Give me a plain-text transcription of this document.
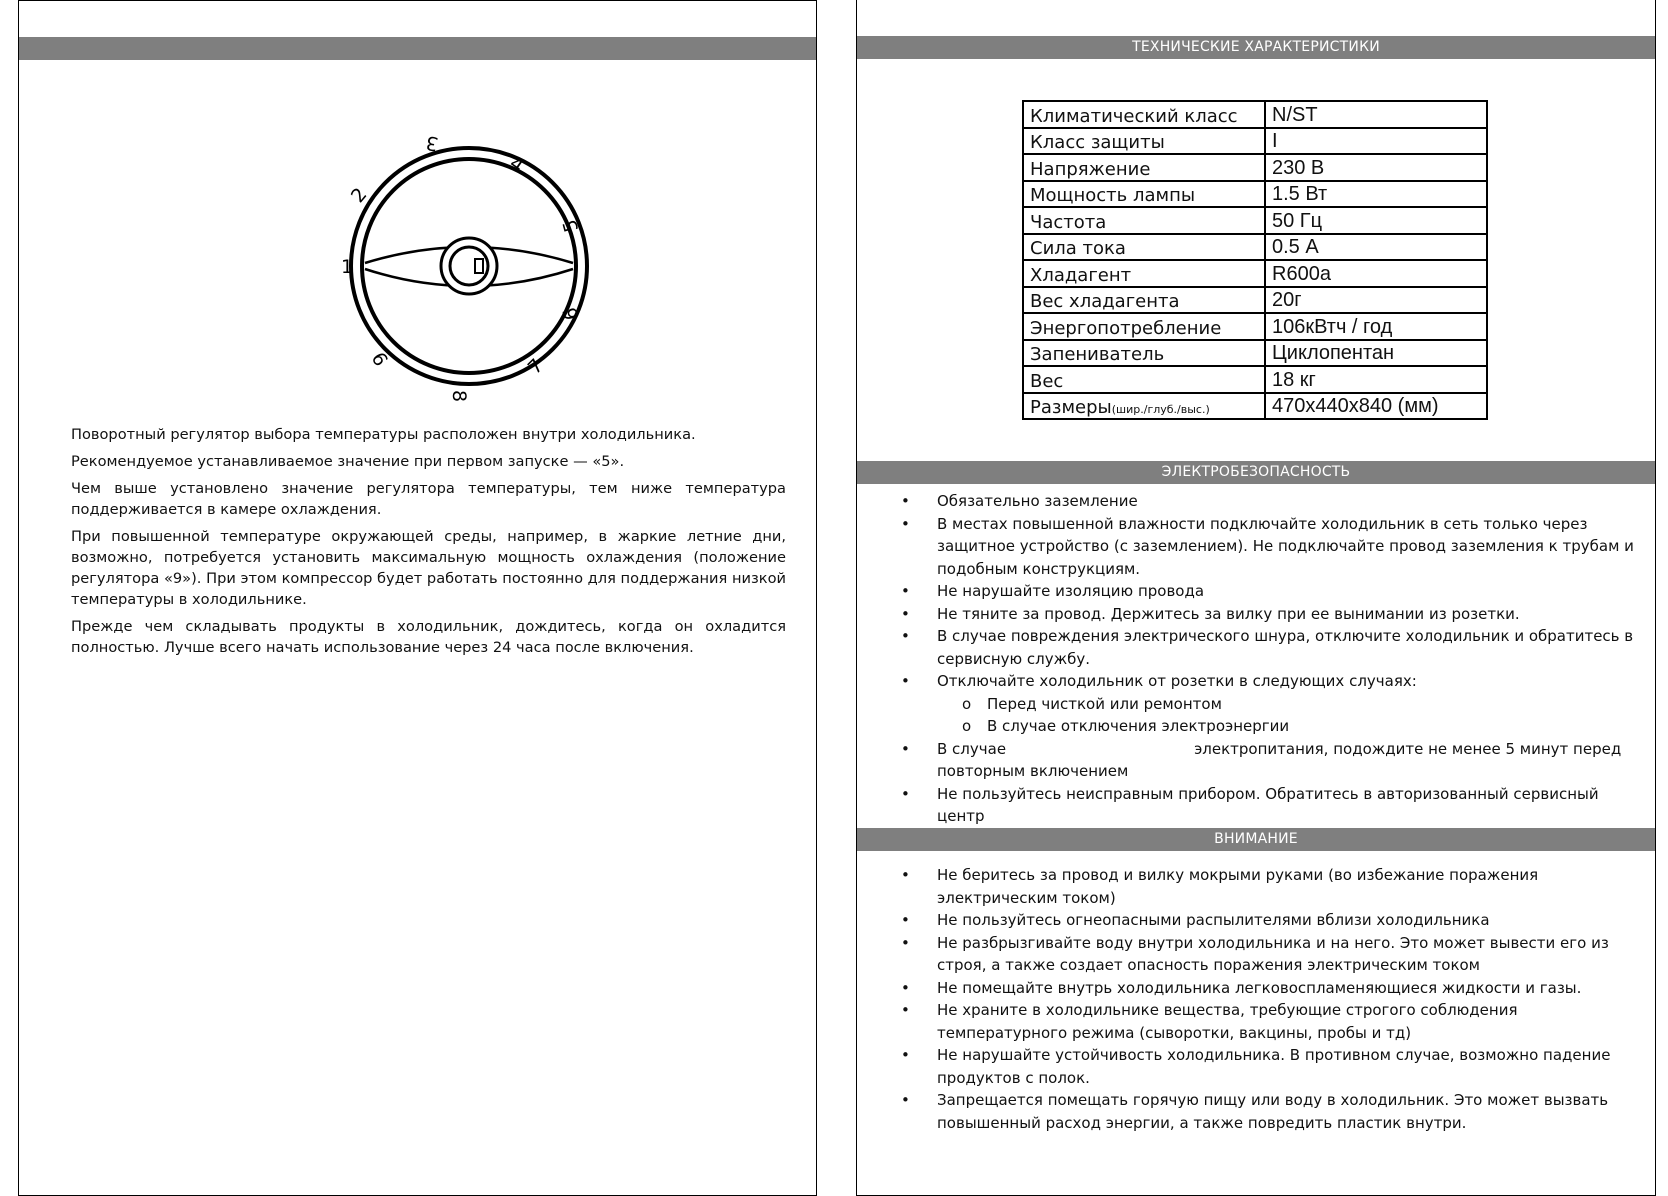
1
2
3
4
5
6
7
8
9

Поворотный регулятор выбора температуры расположен внутри холодильника.

Рекомендуемое устанавливаемое значение при первом запуске — «5».

Чем выше установлено значение регулятора температуры, тем ниже температура поддерживается в камере охлаждения.

При повышенной температуре окружающей среды, например, в жаркие летние дни, возможно, потребуется установить максимальную мощность охлаждения (положение регулятора «9»). При этом компрессор будет работать постоянно для поддержания низкой температуры в холодильнике.

Прежде чем складывать продукты в холодильник, дождитесь, когда он охладится полностью. Лучше всего начать использование через 24 часа после включения.

ТЕХНИЧЕСКИЕ ХАРАКТЕРИСТИКИ
Климатический класс	N/ST
Класс защиты	I
Напряжение	230 В
Мощность лампы	1.5 Вт
Частота	50 Гц
Сила тока	0.5 А
Хладагент	R600a
Вес хладагента	20г
Энергопотребление	106кВтч / год
Запениватель	Циклопентан
Вес	18 кг
Размеры(шир./глуб./выс.)	470x440x840 (мм)
ЭЛЕКТРОБЕЗОПАСНОСТЬ
• Обязательно заземление
• В местах повышенной влажности подключайте холодильник в сеть только через защитное устройство (с заземлением). Не подключайте провод заземления к трубам и подобным конструкциям.
• Не нарушайте изоляцию провода
• Не тяните за провод. Держитесь за вилку при ее вынимании из розетки.
• В случае повреждения электрического шнура, отключите холодильник и обратитесь в сервисную службу.
• Отключайте холодильник от розетки в следующих случаях:
o Перед чисткой или ремонтом
o В случае отключения электроэнергии
• В случае	электропитания, подождите не менее 5 минут перед повторным включением
• Не пользуйтесь неисправным прибором. Обратитесь в авторизованный сервисный центр
ВНИМАНИЕ
• Не беритесь за провод и вилку мокрыми руками (во избежание поражения электрическим током)
• Не пользуйтесь огнеопасными распылителями вблизи холодильника
• Не разбрызгивайте воду внутри холодильника и на него. Это может вывести его из строя, а также создает опасность поражения электрическим током
• Не помещайте внутрь холодильника легковоспламеняющиеся жидкости и газы.
• Не храните в холодильнике вещества, требующие строгого соблюдения температурного режима (сыворотки, вакцины, пробы и тд)
• Не нарушайте устойчивость холодильника. В противном случае, возможно падение продуктов с полок.
• Запрещается помещать горячую пищу или воду в холодильник. Это может вызвать повышенный расход энергии, а также повредить пластик внутри.
